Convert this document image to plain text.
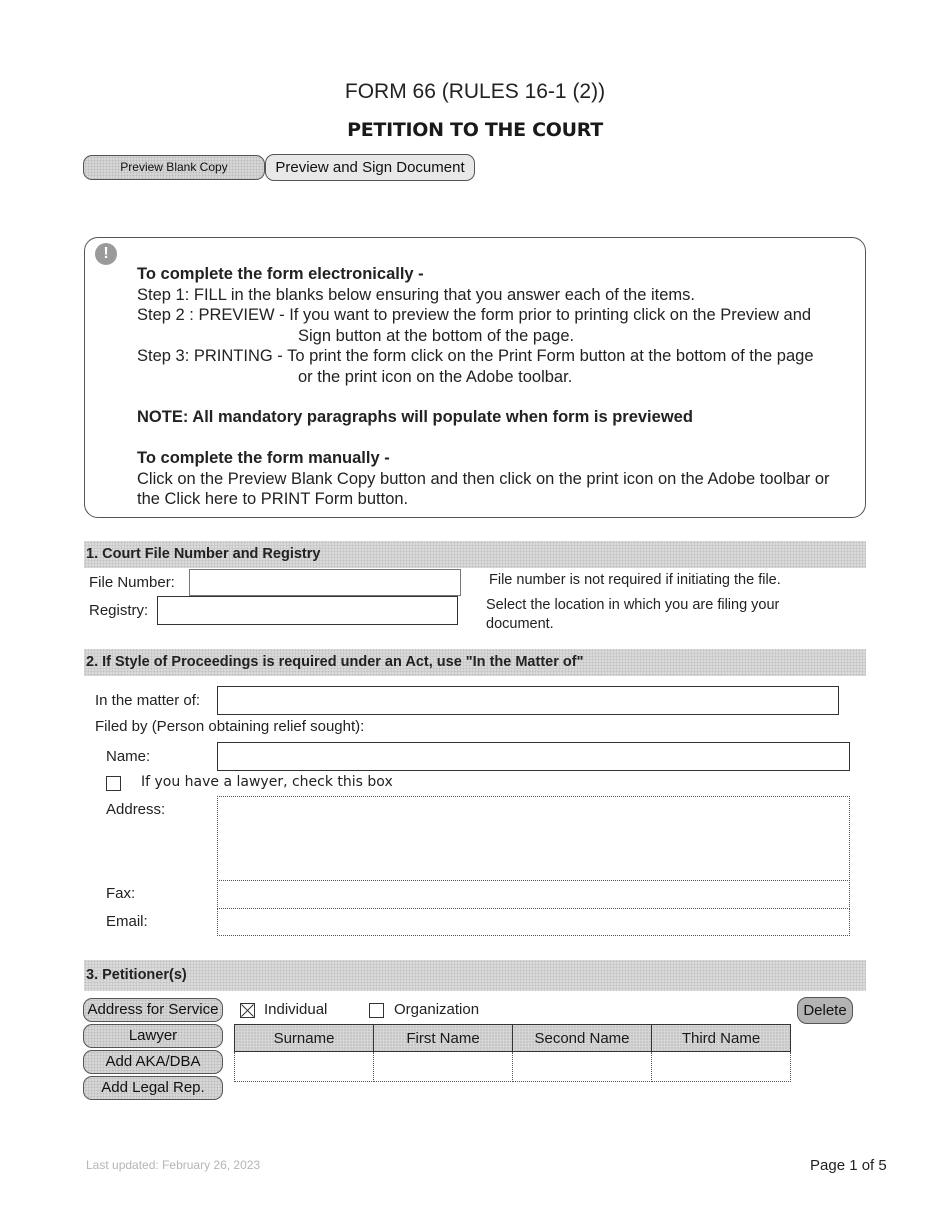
FORM 66 (RULES 16-1 (2))
PETITION TO THE COURT
Preview Blank Copy	Preview and Sign Document
!
To complete the form electronically -
Step 1: FILL in the blanks below ensuring that you answer each of the items.
Step 2 : PREVIEW - If you want to preview the form prior to printing click on the Preview and
Sign button at the bottom of the page.
Step 3: PRINTING - To print the form click on the Print Form button at the bottom of the page
or the print icon on the Adobe toolbar.
NOTE: All mandatory paragraphs will populate when form is previewed
To complete the form manually -
Click on the Preview Blank Copy button and then click on the print icon on the Adobe toolbar or
the Click here to PRINT Form button.
1. Court File Number and Registry
File Number:	File number is not required if initiating the file.
Registry:	Select the location in which you are filing your
document.
2. If Style of Proceedings is required under an Act, use "In the Matter of"
In the matter of:
Filed by (Person obtaining relief sought):
Name:
If you have a lawyer, check this box
Address:
Fax:
Email:
3. Petitioner(s)
Address for Service
Lawyer
Add AKA/DBA
Add Legal Rep.
Individual	Organization	Delete
Surname	First Name	Second Name	Third Name

Last updated: February 26, 2023	Page 1 of 5
